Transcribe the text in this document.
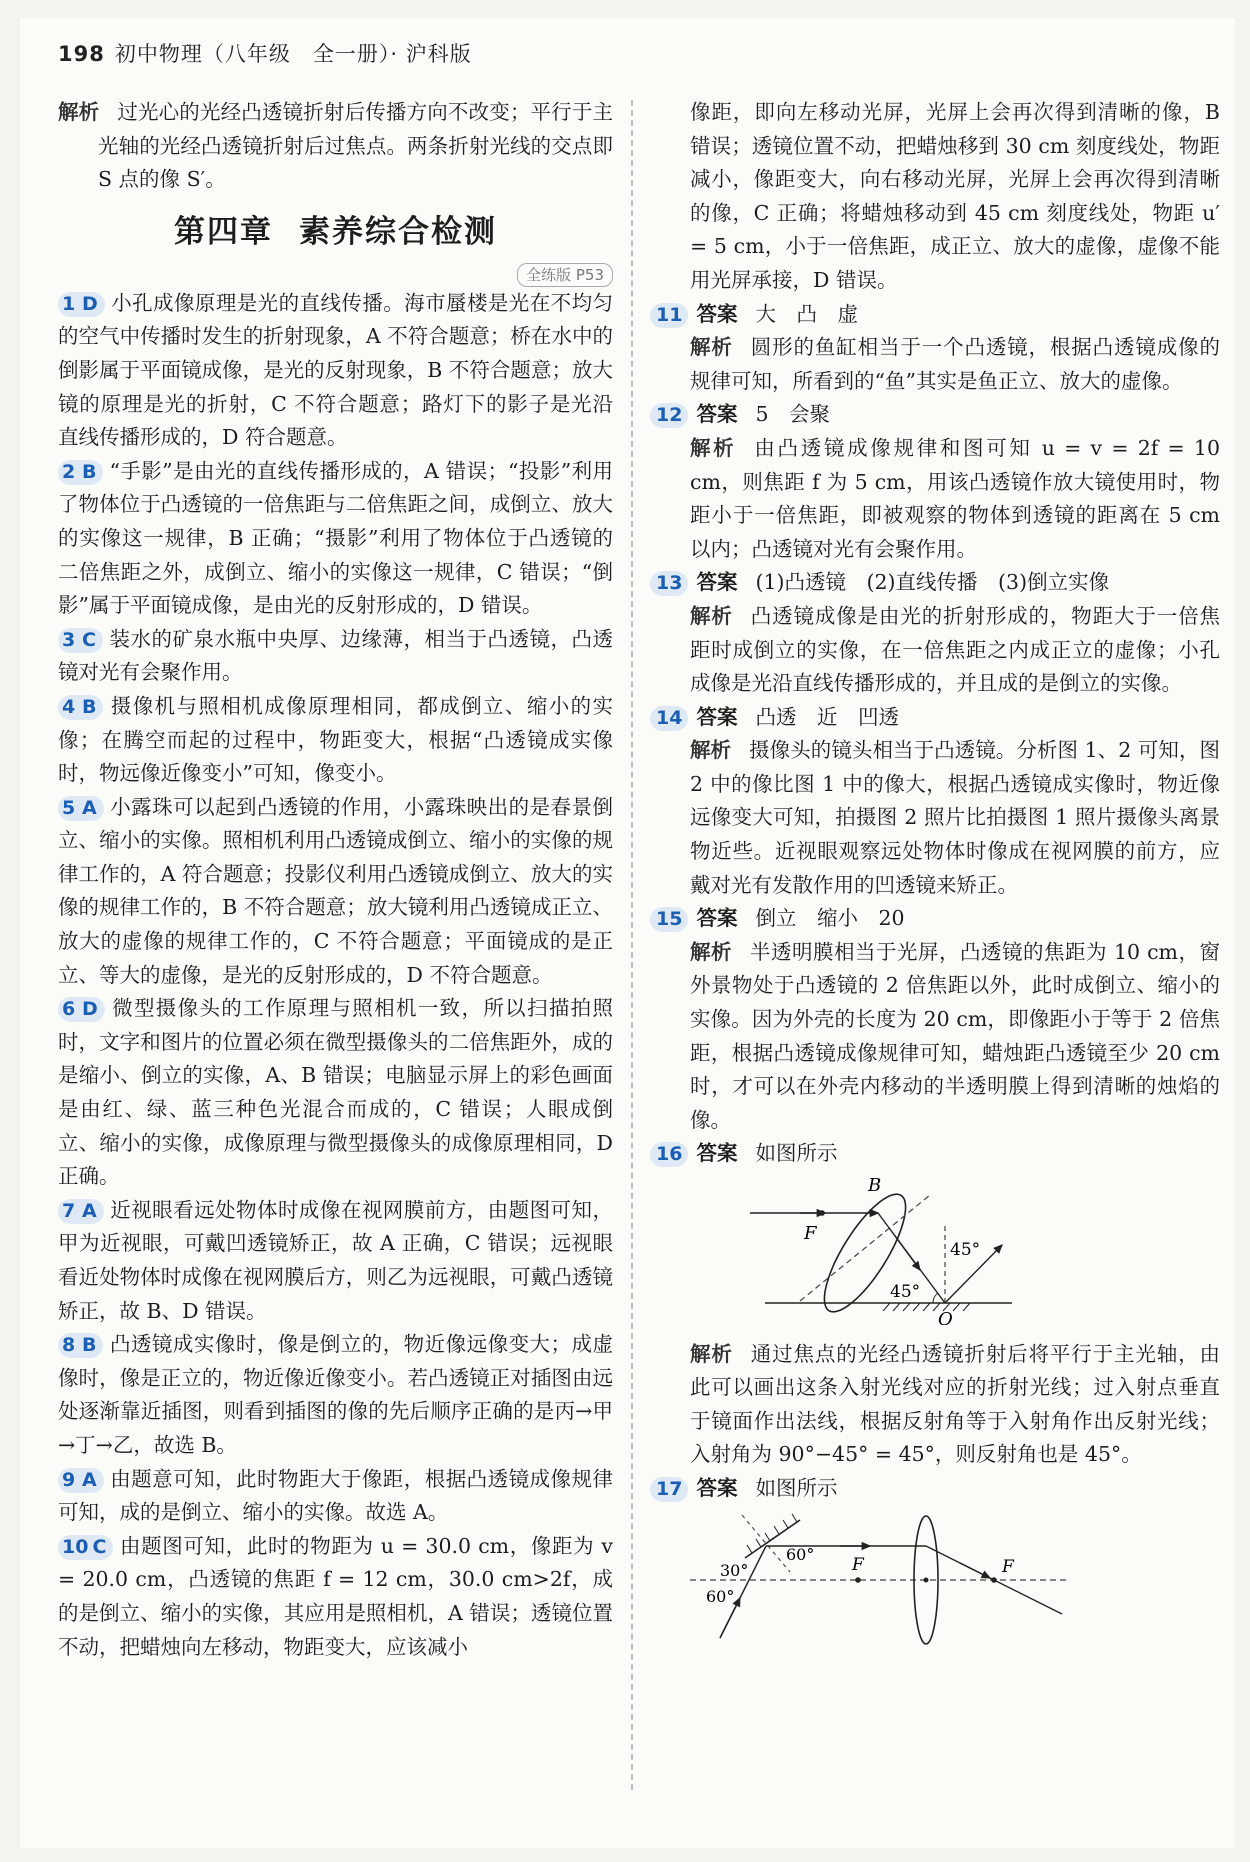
198 初中物理（八年级　全一册）· 沪科版
解析 过光心的光经凸透镜折射后传播方向不改变；平行于主光轴的光经凸透镜折射后过焦点。两条折射光线的交点即 S 点的像 S′。
第四章 素养综合检测
全练版 P53
1 D 小孔成像原理是光的直线传播。海市蜃楼是光在不均匀的空气中传播时发生的折射现象，A 不符合题意；桥在水中的倒影属于平面镜成像，是光的反射现象，B 不符合题意；放大镜的原理是光的折射，C 不符合题意；路灯下的影子是光沿直线传播形成的，D 符合题意。
2 B “手影”是由光的直线传播形成的，A 错误；“投影”利用了物体位于凸透镜的一倍焦距与二倍焦距之间，成倒立、放大的实像这一规律，B 正确；“摄影”利用了物体位于凸透镜的二倍焦距之外，成倒立、缩小的实像这一规律，C 错误；“倒影”属于平面镜成像，是由光的反射形成的，D 错误。
3 C 装水的矿泉水瓶中央厚、边缘薄，相当于凸透镜，凸透镜对光有会聚作用。
4 B 摄像机与照相机成像原理相同，都成倒立、缩小的实像；在腾空而起的过程中，物距变大，根据“凸透镜成实像时，物远像近像变小”可知，像变小。
5 A 小露珠可以起到凸透镜的作用，小露珠映出的是春景倒立、缩小的实像。照相机利用凸透镜成倒立、缩小的实像的规律工作的，A 符合题意；投影仪利用凸透镜成倒立、放大的实像的规律工作的，B 不符合题意；放大镜利用凸透镜成正立、放大的虚像的规律工作的，C 不符合题意；平面镜成的是正立、等大的虚像，是光的反射形成的，D 不符合题意。
6 D 微型摄像头的工作原理与照相机一致，所以扫描拍照时，文字和图片的位置必须在微型摄像头的二倍焦距外，成的是缩小、倒立的实像，A、B 错误；电脑显示屏上的彩色画面是由红、绿、蓝三种色光混合而成的，C 错误；人眼成倒立、缩小的实像，成像原理与微型摄像头的成像原理相同，D 正确。
7 A 近视眼看远处物体时成像在视网膜前方，由题图可知，甲为近视眼，可戴凹透镜矫正，故 A 正确，C 错误；远视眼看近处物体时成像在视网膜后方，则乙为远视眼，可戴凸透镜矫正，故 B、D 错误。
8 B 凸透镜成实像时，像是倒立的，物近像远像变大；成虚像时，像是正立的，物近像近像变小。若凸透镜正对插图由远处逐渐靠近插图，则看到插图的像的先后顺序正确的是丙→甲→丁→乙，故选 B。
9 A 由题意可知，此时物距大于像距，根据凸透镜成像规律可知，成的是倒立、缩小的实像。故选 A。
10 C 由题图可知，此时的物距为 u = 30.0 cm，像距为 v = 20.0 cm，凸透镜的焦距 f = 12 cm，30.0 cm>2f，成的是倒立、缩小的实像，其应用是照相机，A 错误；透镜位置不动，把蜡烛向左移动，物距变大，应该减小
像距，即向左移动光屏，光屏上会再次得到清晰的像，B 错误；透镜位置不动，把蜡烛移到 30 cm 刻度线处，物距减小，像距变大，向右移动光屏，光屏上会再次得到清晰的像，C 正确；将蜡烛移动到 45 cm 刻度线处，物距 u′ = 5 cm，小于一倍焦距，成正立、放大的虚像，虚像不能用光屏承接，D 错误。
11 答案 大　凸　虚
解析 圆形的鱼缸相当于一个凸透镜，根据凸透镜成像的规律可知，所看到的“鱼”其实是鱼正立、放大的虚像。
12 答案 5　会聚
解析 由凸透镜成像规律和图可知 u = v = 2f = 10 cm，则焦距 f 为 5 cm，用该凸透镜作放大镜使用时，物距小于一倍焦距，即被观察的物体到透镜的距离在 5 cm 以内；凸透镜对光有会聚作用。
13 答案 (1)凸透镜　(2)直线传播　(3)倒立实像
解析 凸透镜成像是由光的折射形成的，物距大于一倍焦距时成倒立的实像，在一倍焦距之内成正立的虚像；小孔成像是光沿直线传播形成的，并且成的是倒立的实像。
14 答案 凸透　近　凹透
解析 摄像头的镜头相当于凸透镜。分析图 1、2 可知，图 2 中的像比图 1 中的像大，根据凸透镜成实像时，物近像远像变大可知，拍摄图 2 照片比拍摄图 1 照片摄像头离景物近些。近视眼观察远处物体时像成在视网膜的前方，应戴对光有发散作用的凹透镜来矫正。
15 答案 倒立　缩小　20
解析 半透明膜相当于光屏，凸透镜的焦距为 10 cm，窗外景物处于凸透镜的 2 倍焦距以外，此时成倒立、缩小的实像。因为外壳的长度为 20 cm，即像距小于等于 2 倍焦距，根据凸透镜成像规律可知，蜡烛距凸透镜至少 20 cm 时，才可以在外壳内移动的半透明膜上得到清晰的烛焰的像。
16 答案 如图所示
B
F
O
45°
45°
解析 通过焦点的光经凸透镜折射后将平行于主光轴，由此可以画出这条入射光线对应的折射光线；过入射点垂直于镜面作出法线，根据反射角等于入射角作出反射光线；入射角为 90°−45° = 45°，则反射角也是 45°。
17 答案 如图所示
60°
30°
60°
F	F
